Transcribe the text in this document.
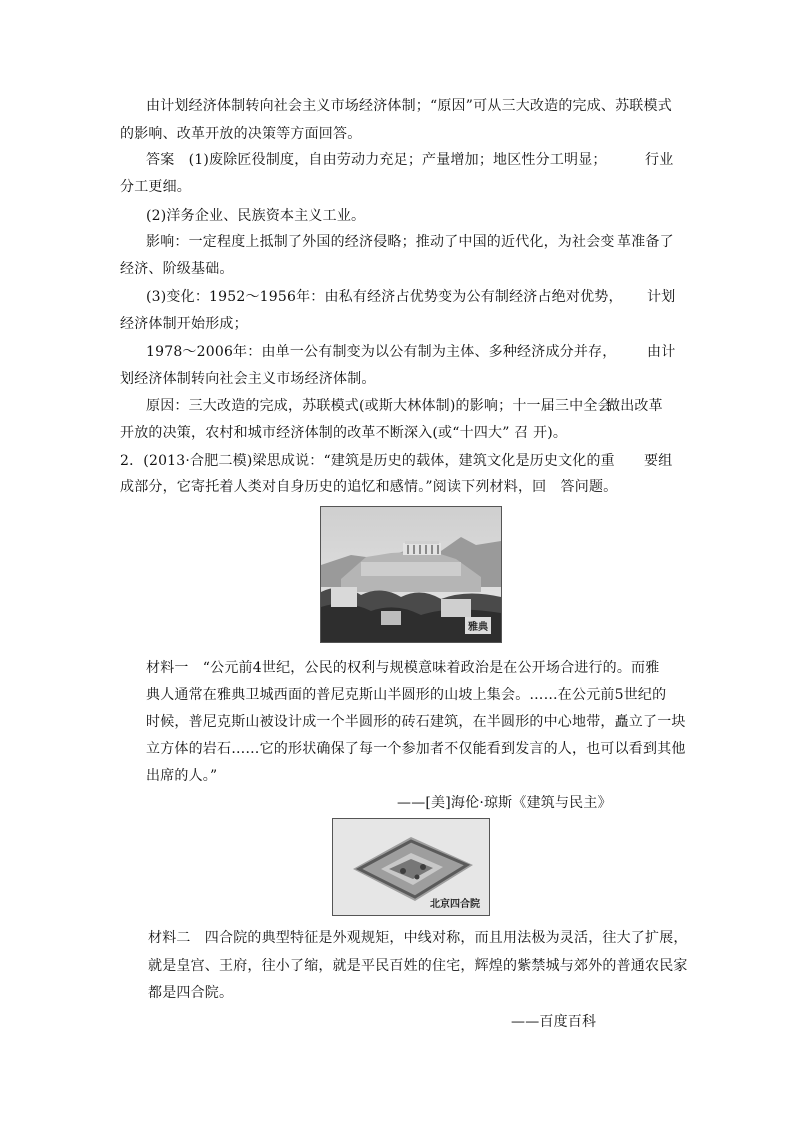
由计划经济体制转向社会主义市场经济体制；“原因”可从三大改造的完成、苏联模式
的影响、改革开放的决策等方面回答。
答案　(1)废除匠役制度，自由劳动力充足；产量增加；地区性分工明显；	行业
分工更细。
(2)洋务企业、民族资本主义工业。
影响：一定程度上抵制了外国的经济侵略；推动了中国的近代化，为社会变 革准备了
经济、阶级基础。
(3)变化：1952～1956年：由私有经济占优势变为公有制经济占绝对优势， 计划
经济体制开始形成；
1978～2006年：由单一公有制变为以公有制为主体、多种经济成分并存， 由计
划经济体制转向社会主义市场经济体制。
原因：三大改造的完成，苏联模式(或斯大林体制)的影响；十一届三中全会
做出改革
开放的决策，农村和城市经济体制的改革不断深入(或“十四大” 召 开)。
2．(2013·合肥二模)梁思成说：“建筑是历史的载体，建筑文化是历史文化的重 要组
成部分，它寄托着人类对自身历史的追忆和感情。”阅读下列材料，回　答问题。
雅典
材料一　“公元前4世纪，公民的权利与规模意味着政治是在公开场合进行的。而雅
典人通常在雅典卫城西面的普尼克斯山半圆形的山坡上集会。……在公元前5世纪的
时候，普尼克斯山被设计成一个半圆形的砖石建筑，在半圆形的中心地带，矗立了一块
立方体的岩石……它的形状确保了每一个参加者不仅能看到发言的人，也可以看到其他
出席的人。”
——[美]海伦·琼斯《建筑与民主》
北京四合院
材料二　四合院的典型特征是外观规矩，中线对称，而且用法极为灵活，往大了扩展，
就是皇宫、王府，往小了缩，就是平民百姓的住宅，辉煌的紫禁城与郊外的普通农民家
都是四合院。
——百度百科
